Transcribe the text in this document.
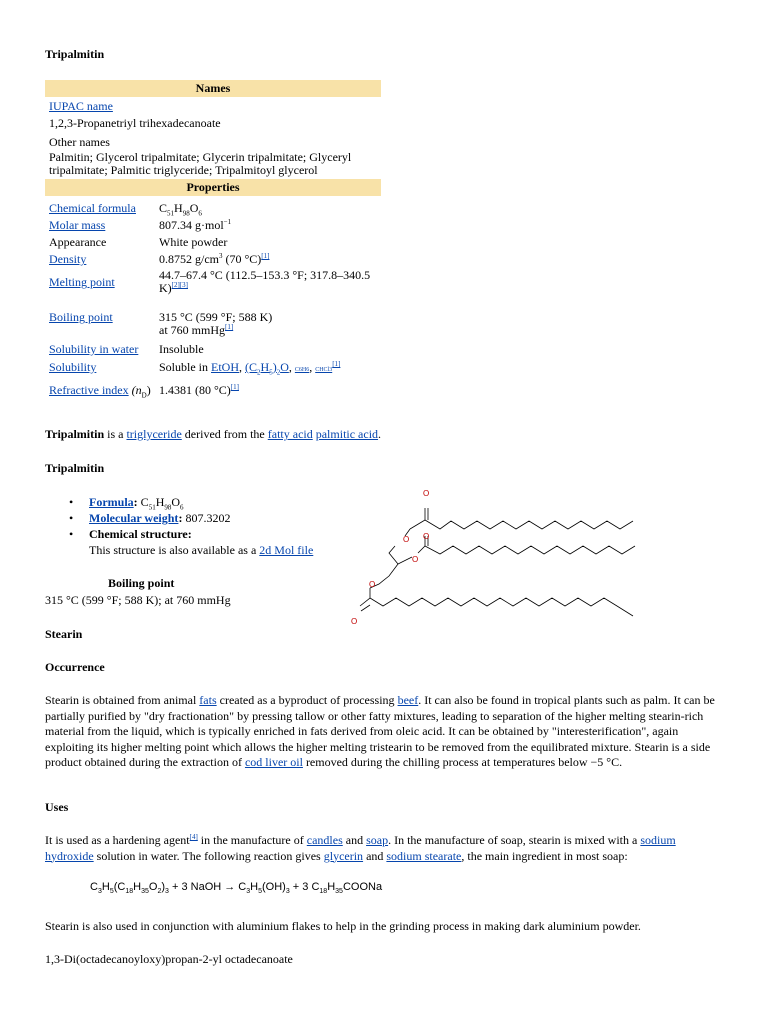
Tripalmitin
Names	
IUPAC name	
1,2,3-Propanetriyl trihexadecanoate	
Other names	
Palmitin; Glycerol tripalmitate; Glycerin tripalmitate; Glyceryl tripalmitate; Palmitic triglyceride; Tripalmitoyl glycerol	
Properties	
Chemical formula	$C_{51}H_{98}O_6$
Molar mass	807.34 g·mol$^{-1}$
Appearance	White powder
Density	0.8752 $g/cm^3$ (70 °C)[1]
Melting point	44.7–67.4 °C (112.5–153.3 °F; 317.8–340.5 K)[2][3]
Boiling point	315 °C (599 °F; 588 K)
at 760 mmHg[1]
Solubility in water	Insoluble
Solubility	Soluble in EtOH, $(C_2H_5)_2O$, C6H6, CHCl3[1]
Refractive index $(n_D)$	1.4381 (80 °C)[1]
Tripalmitin is a triglyceride derived from the fatty acid palmitic acid.
Tripalmitin
• Formula: $C_{51}H_{98}O_6$
• Molecular weight: 807.3202
• Chemical structure:
This structure is also available as a 2d Mol file
Boiling point
315 °C (599 °F; 588 K); at 760 mmHg
O
O O
O
O
O
Stearin
Occurrence
Stearin is obtained from animal fats created as a byproduct of processing beef. It can also be found in tropical plants such as palm. It can be partially purified by "dry fractionation" by pressing tallow or other fatty mixtures, leading to separation of the higher melting stearin-rich material from the liquid, which is typically enriched in fats derived from oleic acid. It can be obtained by "interesterification", again exploiting its higher melting point which allows the higher melting tristearin to be removed from the equilibrated mixture. Stearin is a side product obtained during the extraction of cod liver oil removed during the chilling process at temperatures below −5 °C.
Uses
It is used as a hardening agent[4] in the manufacture of candles and soap. In the manufacture of soap, stearin is mixed with a sodium hydroxide solution in water. The following reaction gives glycerin and sodium stearate, the main ingredient in most soap:
$C_3H_5(C_{18}H_{35}O_2)_3 + 3$ NaOH → $C_3H_5(OH)_3 + 3$ $C_{18}H_{35}COONa$
Stearin is also used in conjunction with aluminium flakes to help in the grinding process in making dark aluminium powder.
1,3-Di(octadecanoyloxy)propan-2-yl octadecanoate
